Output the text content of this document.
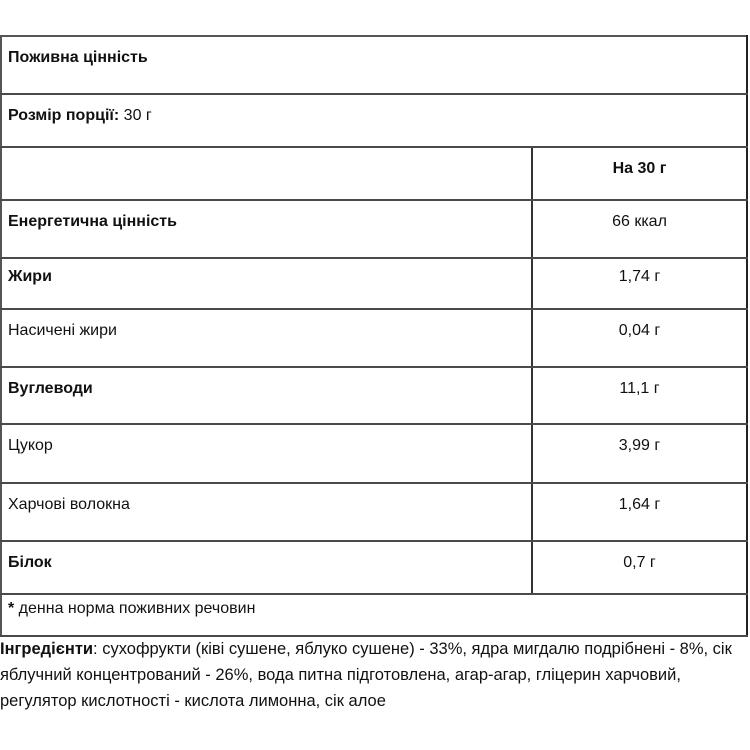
Поживна цінність	

Розмір порції: 30 г	

	На 30 г

Енергетична цінність	66 ккал

Жири	1,74 г

Насичені жири	0,04 г

Вуглеводи	11,1 г

Цукор	3,99 г

Харчові волокна	1,64 г

Білок	0,7 г

* денна норма поживних речовин	

Інгредієнти: сухофрукти (ківі сушене, яблуко сушене) - 33%, ядра мигдалю подрібнені - 8%, сік яблучний концентрований - 26%, вода питна підготовлена, агар-агар, гліцерин харчовий, регулятор кислотності - кислота лимонна, сік алое
